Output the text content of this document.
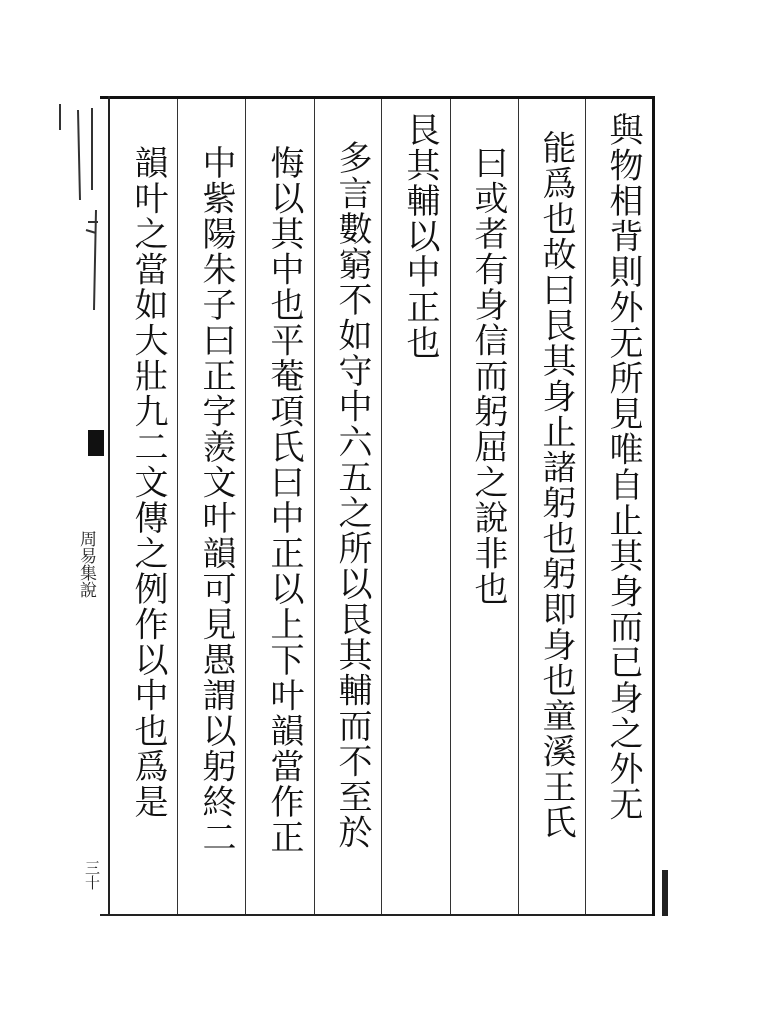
周易集說
三十
與物相背則外无所見唯自止其身而已身之外无
能爲也故曰艮其身止諸躬也躬即身也童溪王氏
曰或者有身信而躬屈之說非也
艮其輔以中正也
多言數窮不如守中六五之所以艮其輔而不至於
悔以其中也平菴項氏曰中正以上下叶韻當作正
中紫陽朱子曰正字羨文叶韻可見愚謂以躬終二
韻叶之當如大壯九二文傳之例作以中也爲是
